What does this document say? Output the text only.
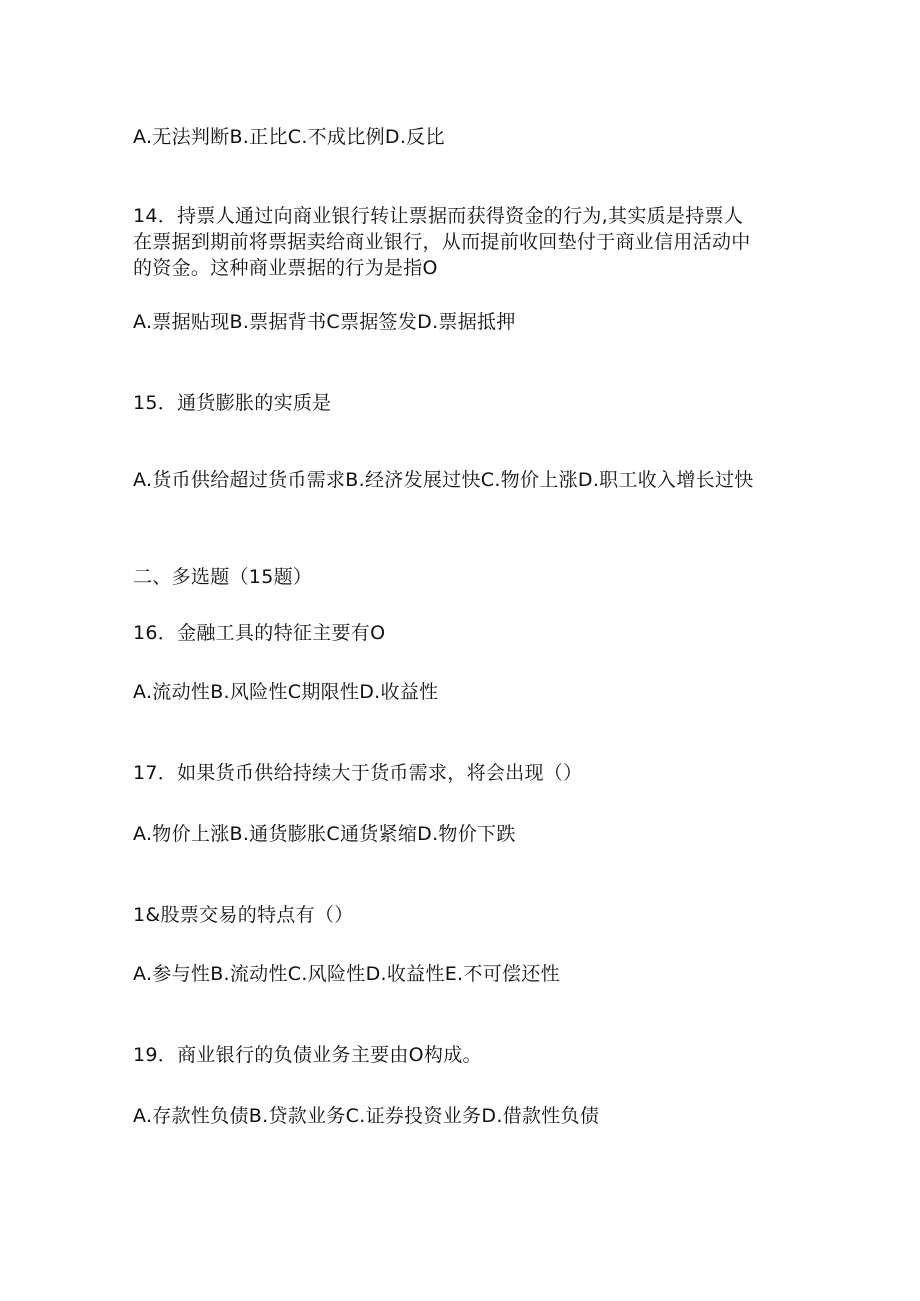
A.无法判断B.正比C.不成比例D.反比
14．持票人通过向商业银行转让票据而获得资金的行为,其实质是持票人
在票据到期前将票据卖给商业银行，从而提前收回垫付于商业信用活动中
的资金。这种商业票据的行为是指O
A.票据贴现B.票据背书C票据签发D.票据抵押
15．通货膨胀的实质是
A.货币供给超过货币需求B.经济发展过快C.物价上涨D.职工收入增长过快
二、多选题（15题）
16．金融工具的特征主要有O
A.流动性B.风险性C期限性D.收益性
17．如果货币供给持续大于货币需求，将会出现（）
A.物价上涨B.通货膨胀C通货紧缩D.物价下跌
1&股票交易的特点有（）
A.参与性B.流动性C.风险性D.收益性E.不可偿还性
19．商业银行的负债业务主要由O构成。
A.存款性负债B.贷款业务C.证券投资业务D.借款性负债
